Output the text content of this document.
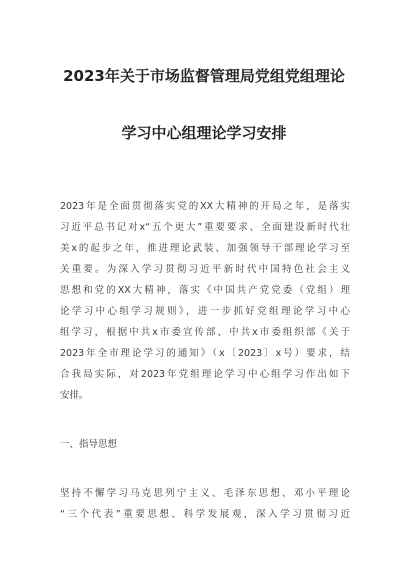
2023年关于市场监督管理局党组党组理论
学习中心组理论学习安排
2023年是全面贯彻落实党的XX大精神的开局之年，是落实
习近平总书记对x“五个更大”重要要求、全面建设新时代壮
美x的起步之年，推进理论武装、加强领导干部理论学习至
关重要。为深入学习贯彻习近平新时代中国特色社会主义
思想和党的XX大精神，落实《中国共产党党委（党组）理
论学习中心组学习规则》，进一步抓好党组理论学习中心
组学习，根据中共x市委宣传部、中共x市委组织部《关于
2023年全市理论学习的通知》（x〔2023〕x号）要求，结
合我局实际，对2023年党组理论学习中心组学习作出如下
安排。
一、指导思想
坚持不懈学习马克思列宁主义、毛泽东思想、邓小平理论
“三个代表”重要思想、科学发展观，深入学习贯彻习近
